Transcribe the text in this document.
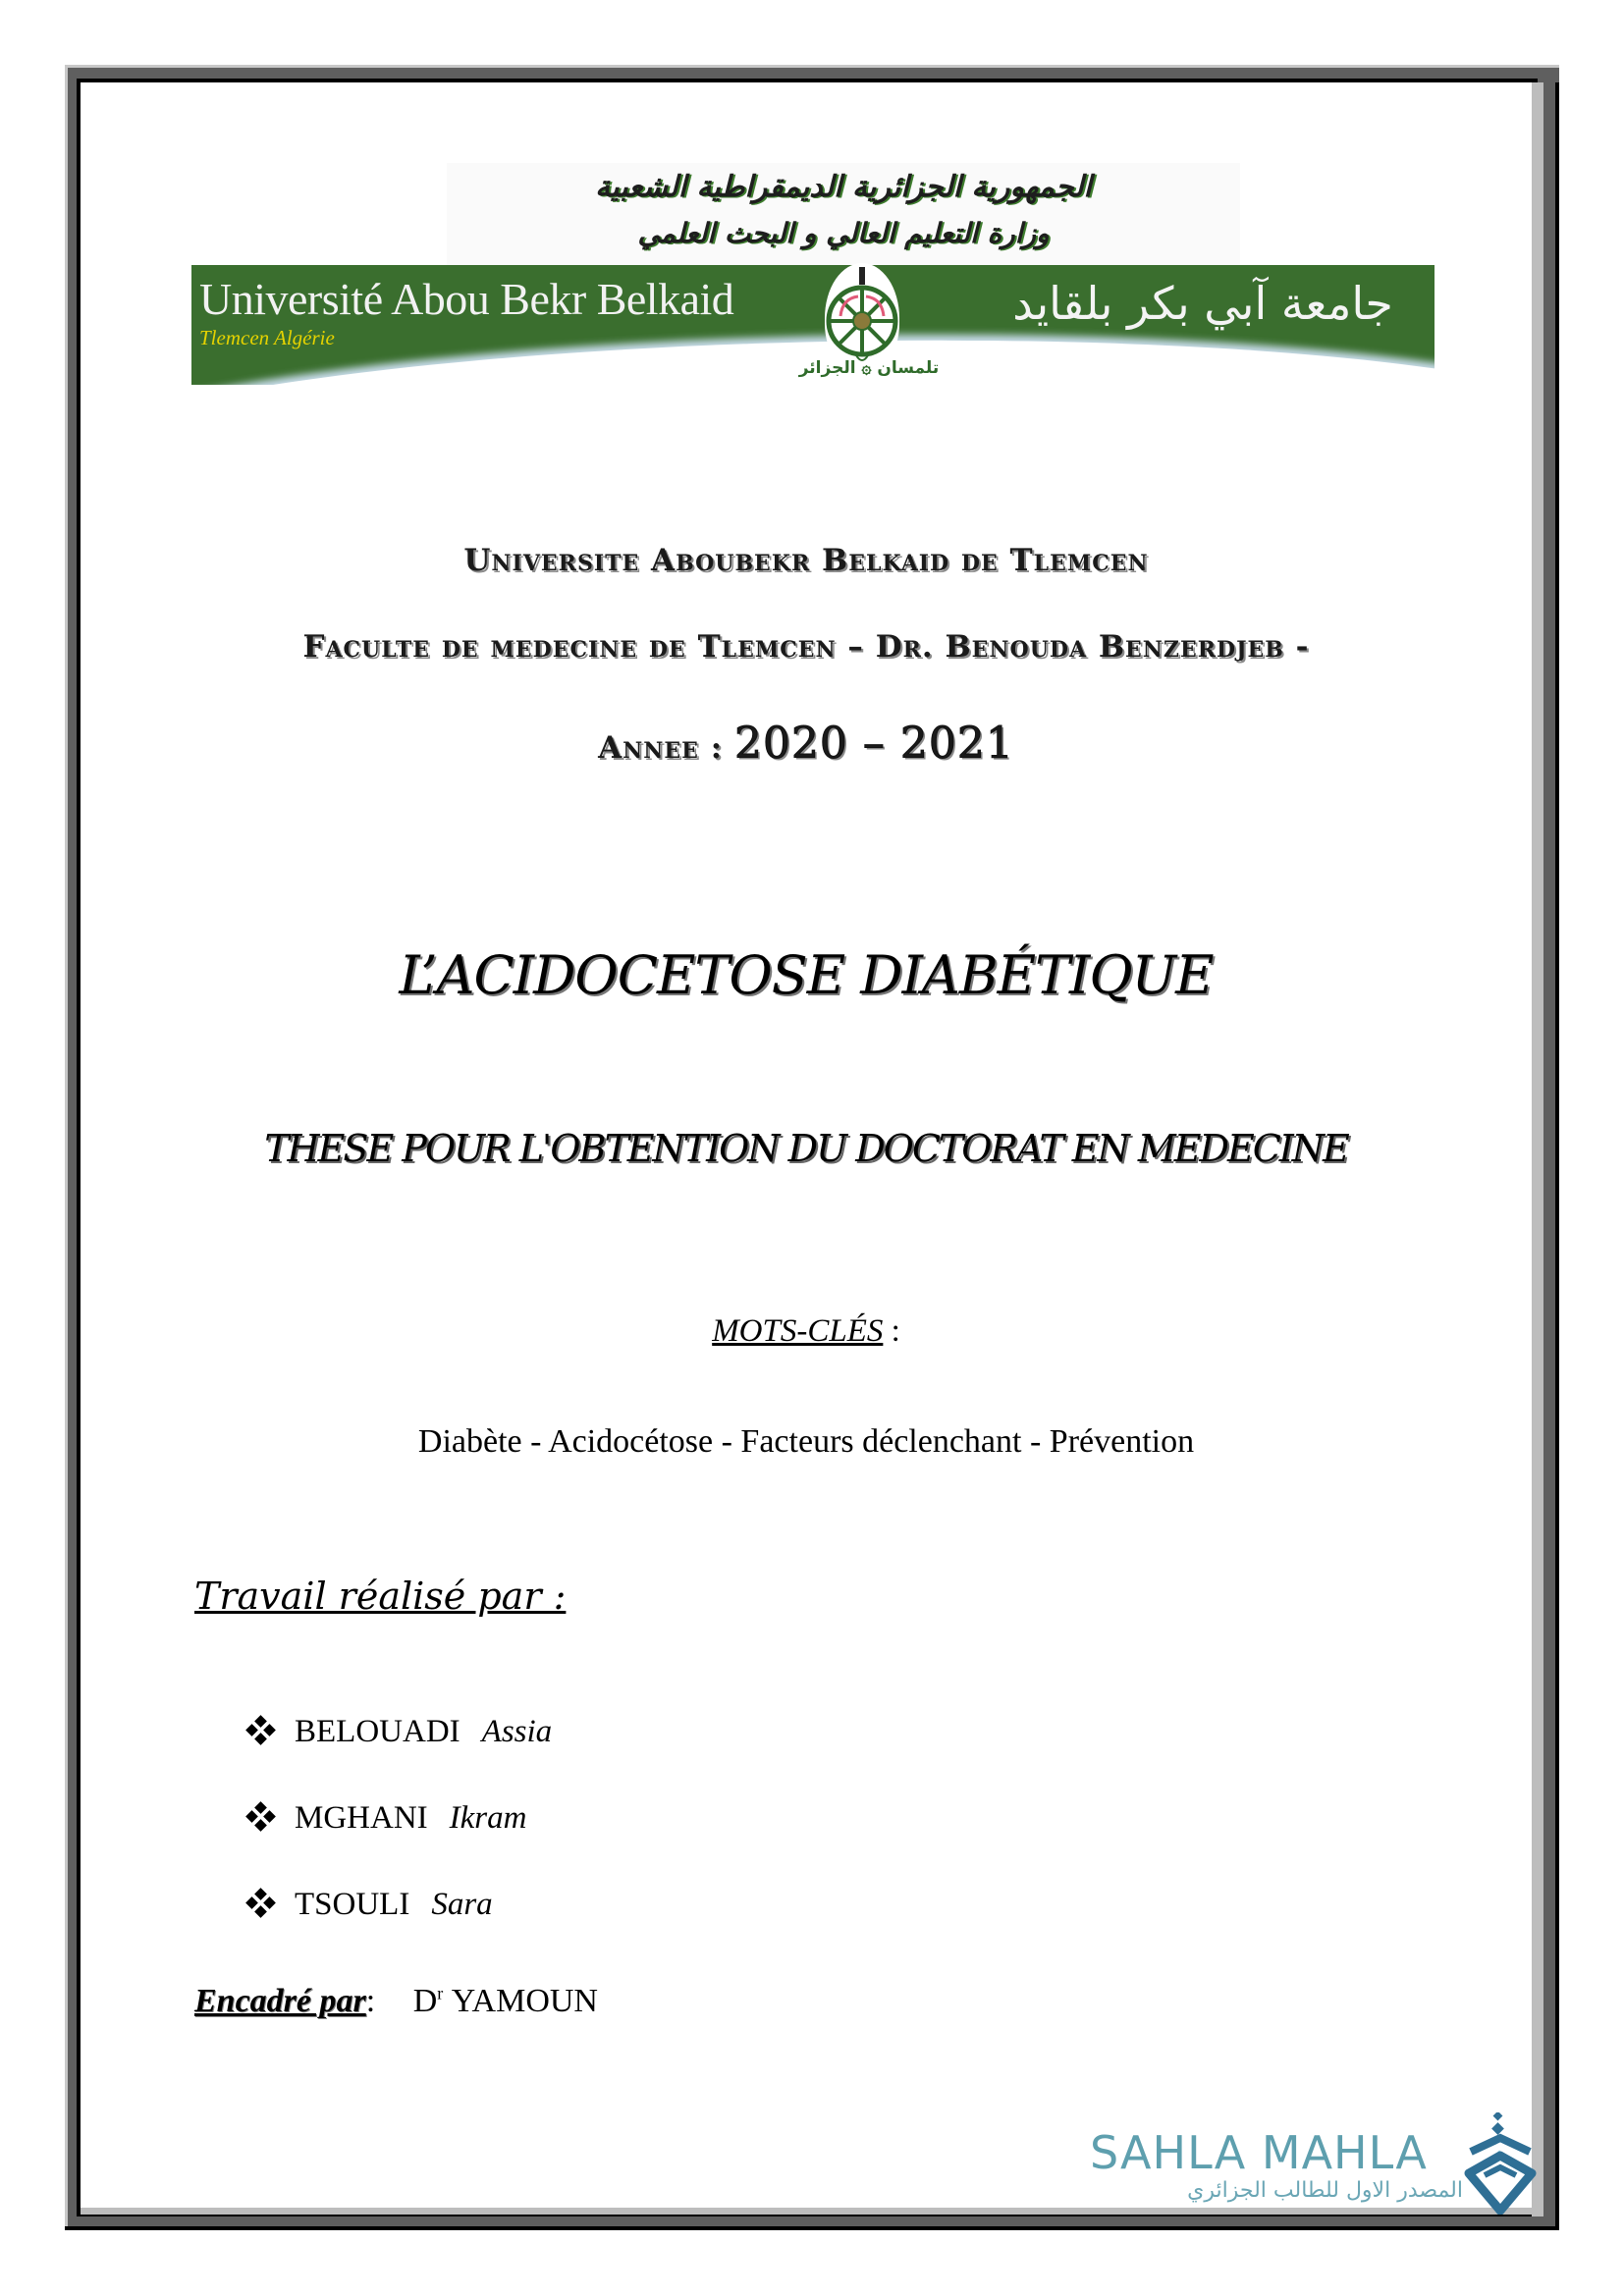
الجمهورية الجزائرية الديمقراطية الشعبية
وزارة التعليم العالي و البحث العلمي
Université Abou Bekr Belkaid
Tlemcen Algérie
جامعة آبي بكر بلقايد
تلمسان ۞ الجزائر
Universite Aboubekr Belkaid de Tlemcen
Faculte de medecine de Tlemcen – Dr. Benouda Benzerdjeb -
Annee : 2020 – 2021
L’ACIDOCETOSE DIABÉTIQUE
THESE POUR L'OBTENTION DU DOCTORAT EN MEDECINE
MOTS-CLÉS :
Diabète - Acidocétose - Facteurs déclenchant - Prévention
Travail réalisé par :
BELOUADI Assia
MGHANI Ikram
TSOULI Sara
Encadré par: $D^r$ YAMOUN
SAHLA MAHLA
المصدر الاول للطالب الجزائري
